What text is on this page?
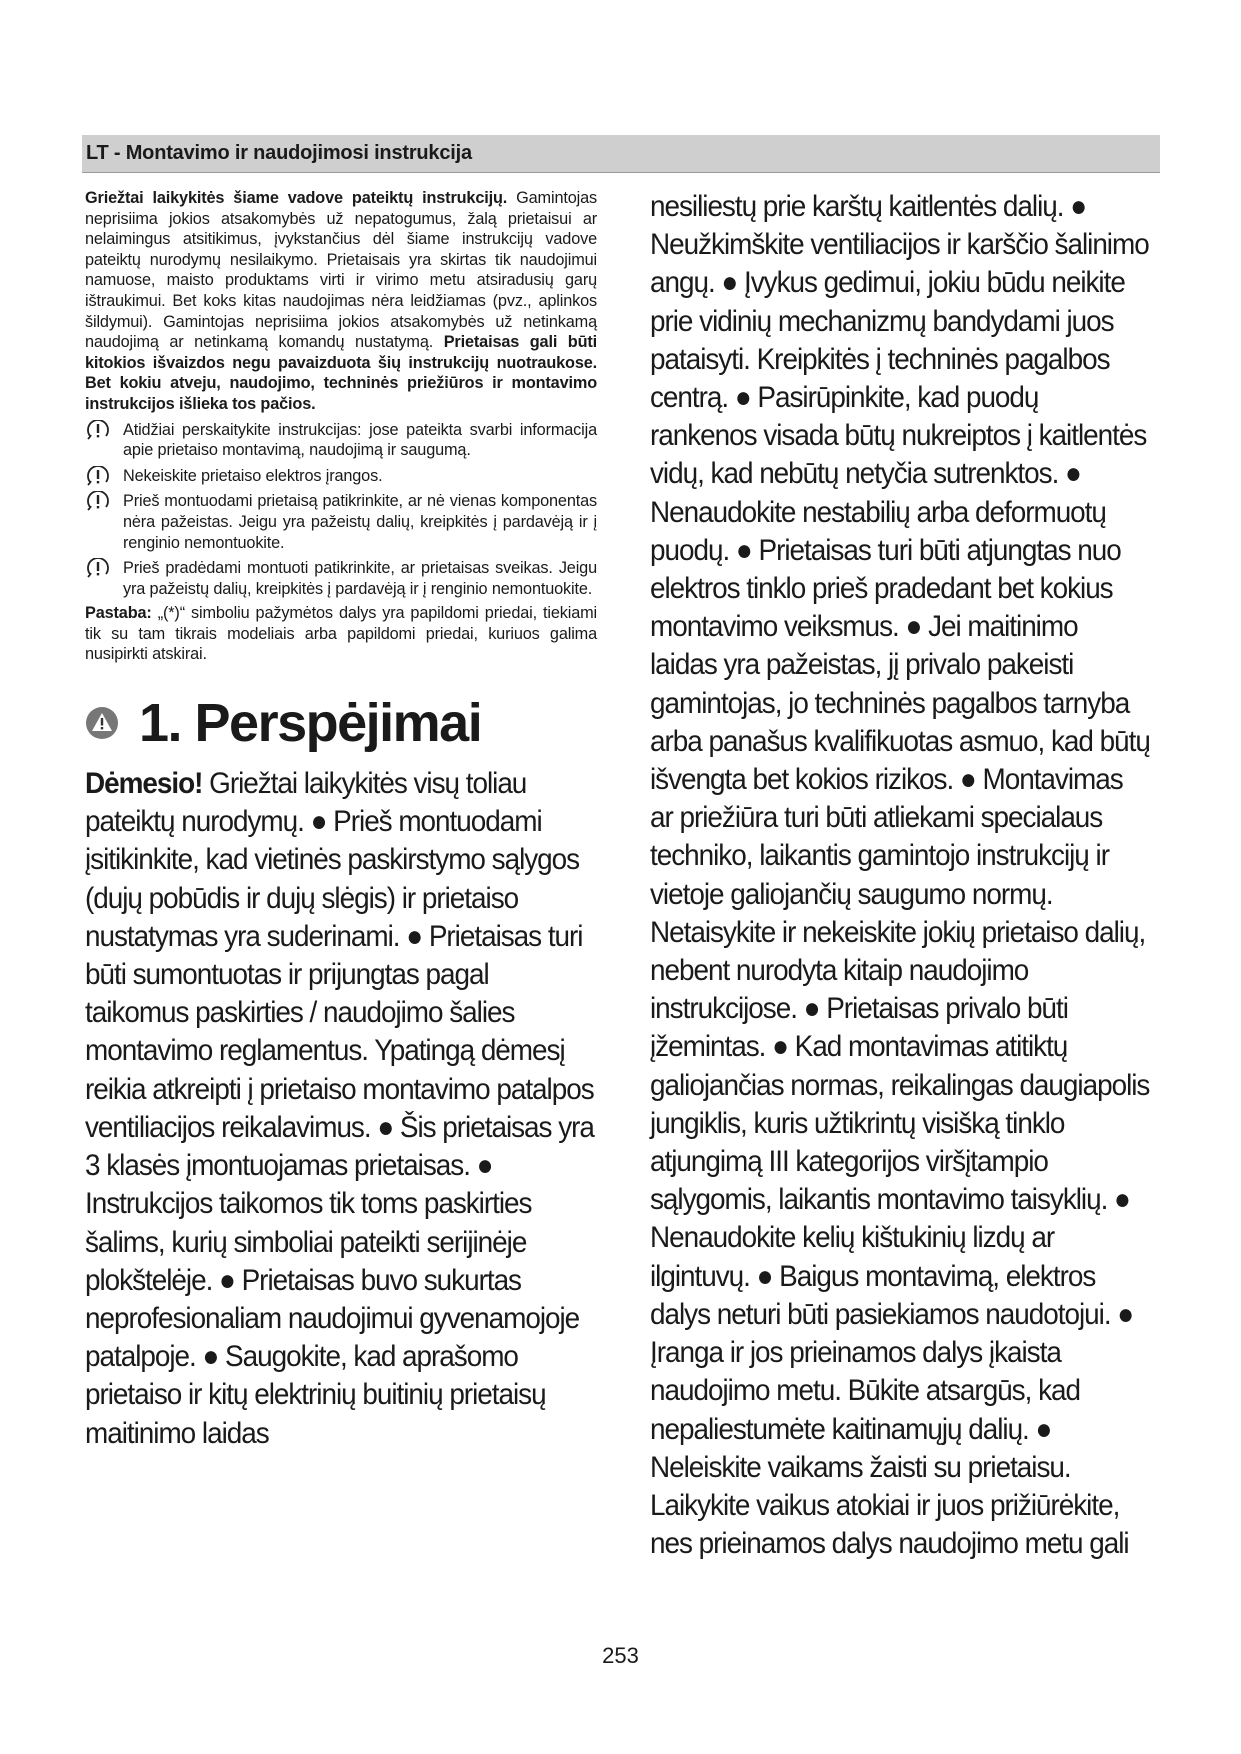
LT - Montavimo ir naudojimosi instrukcija

Griežtai laikykitės šiame vadove pateiktų instrukcijų. Gamintojas neprisiima jokios atsakomybės už nepatogumus, žalą prietaisui ar nelaimingus atsitikimus, įvykstančius dėl šiame instrukcijų vadove pateiktų nurodymų nesilaikymo. Prietaisais yra skirtas tik naudojimui namuose, maisto produktams virti ir virimo metu atsiradusių garų ištraukimui. Bet koks kitas naudojimas nėra leidžiamas (pvz., aplinkos šildymui). Gamintojas neprisiima jokios atsakomybės už netinkamą naudojimą ar netinkamą komandų nustatymą. Prietaisas gali būti kitokios išvaizdos negu pavaizduota šių instrukcijų nuotraukose. Bet kokiu atveju, naudojimo, techninės priežiūros ir montavimo instrukcijos išlieka tos pačios.

Atidžiai perskaitykite instrukcijas: jose pateikta svarbi informacija apie prietaiso montavimą, naudojimą ir saugumą.
Nekeiskite prietaiso elektros įrangos.
Prieš montuodami prietaisą patikrinkite, ar nė vienas komponentas nėra pažeistas. Jeigu yra pažeistų dalių, kreipkitės į pardavėją ir į renginio nemontuokite.
Prieš pradėdami montuoti patikrinkite, ar prietaisas sveikas. Jeigu yra pažeistų dalių, kreipkitės į pardavėją ir į renginio nemontuokite.

Pastaba: „(*)“ simboliu pažymėtos dalys yra papildomi priedai, tiekiami tik su tam tikrais modeliais arba papildomi priedai, kuriuos galima nusipirkti atskirai.

1. Perspėjimai

Dėmesio! Griežtai laikykitės visų toliau pateiktų nurodymų. ● Prieš montuodami įsitikinkite, kad vietinės paskirstymo sąlygos (dujų pobūdis ir dujų slėgis) ir prietaiso nustatymas yra suderinami. ● Prietaisas turi būti sumontuotas ir prijungtas pagal taikomus paskirties / naudojimo šalies montavimo reglamentus. Ypatingą dėmesį reikia atkreipti į prietaiso montavimo patalpos ventiliacijos reikalavimus. ● Šis prietaisas yra 3 klasės įmontuojamas prietaisas. ● Instrukcijos taikomos tik toms paskirties šalims, kurių simboliai pateikti serijinėje plokštelėje. ● Prietaisas buvo sukurtas neprofesionaliam naudojimui gyvenamojoje patalpoje. ● Saugokite, kad aprašomo prietaiso ir kitų elektrinių buitinių prietaisų maitinimo laidas

nesiliestų prie karštų kaitlentės dalių. ● Neužkimškite ventiliacijos ir karščio šalinimo angų. ● Įvykus gedimui, jokiu būdu neikite prie vidinių mechanizmų bandydami juos pataisyti. Kreipkitės į techninės pagalbos centrą. ● Pasirūpinkite, kad puodų rankenos visada būtų nukreiptos į kaitlentės vidų, kad nebūtų netyčia sutrenktos. ● Nenaudokite nestabilių arba deformuotų puodų. ● Prietaisas turi būti atjungtas nuo elektros tinklo prieš pradedant bet kokius montavimo veiksmus. ● Jei maitinimo laidas yra pažeistas, jį privalo pakeisti gamintojas, jo techninės pagalbos tarnyba arba panašus kvalifikuotas asmuo, kad būtų išvengta bet kokios rizikos. ● Montavimas ar priežiūra turi būti atliekami specialaus techniko, laikantis gamintojo instrukcijų ir vietoje galiojančių saugumo normų. Netaisykite ir nekeiskite jokių prietaiso dalių, nebent nurodyta kitaip naudojimo instrukcijose. ● Prietaisas privalo būti įžemintas. ● Kad montavimas atitiktų galiojančias normas, reikalingas daugiapolis jungiklis, kuris užtikrintų visišką tinklo atjungimą III kategorijos viršįtampio sąlygomis, laikantis montavimo taisyklių. ● Nenaudokite kelių kištukinių lizdų ar ilgintuvų. ● Baigus montavimą, elektros dalys neturi būti pasiekiamos naudotojui. ● Įranga ir jos prieinamos dalys įkaista naudojimo metu. Būkite atsargūs, kad nepaliestumėte kaitinamųjų dalių. ● Neleiskite vaikams žaisti su prietaisu. Laikykite vaikus atokiai ir juos prižiūrėkite, nes prieinamos dalys naudojimo metu gali

253
